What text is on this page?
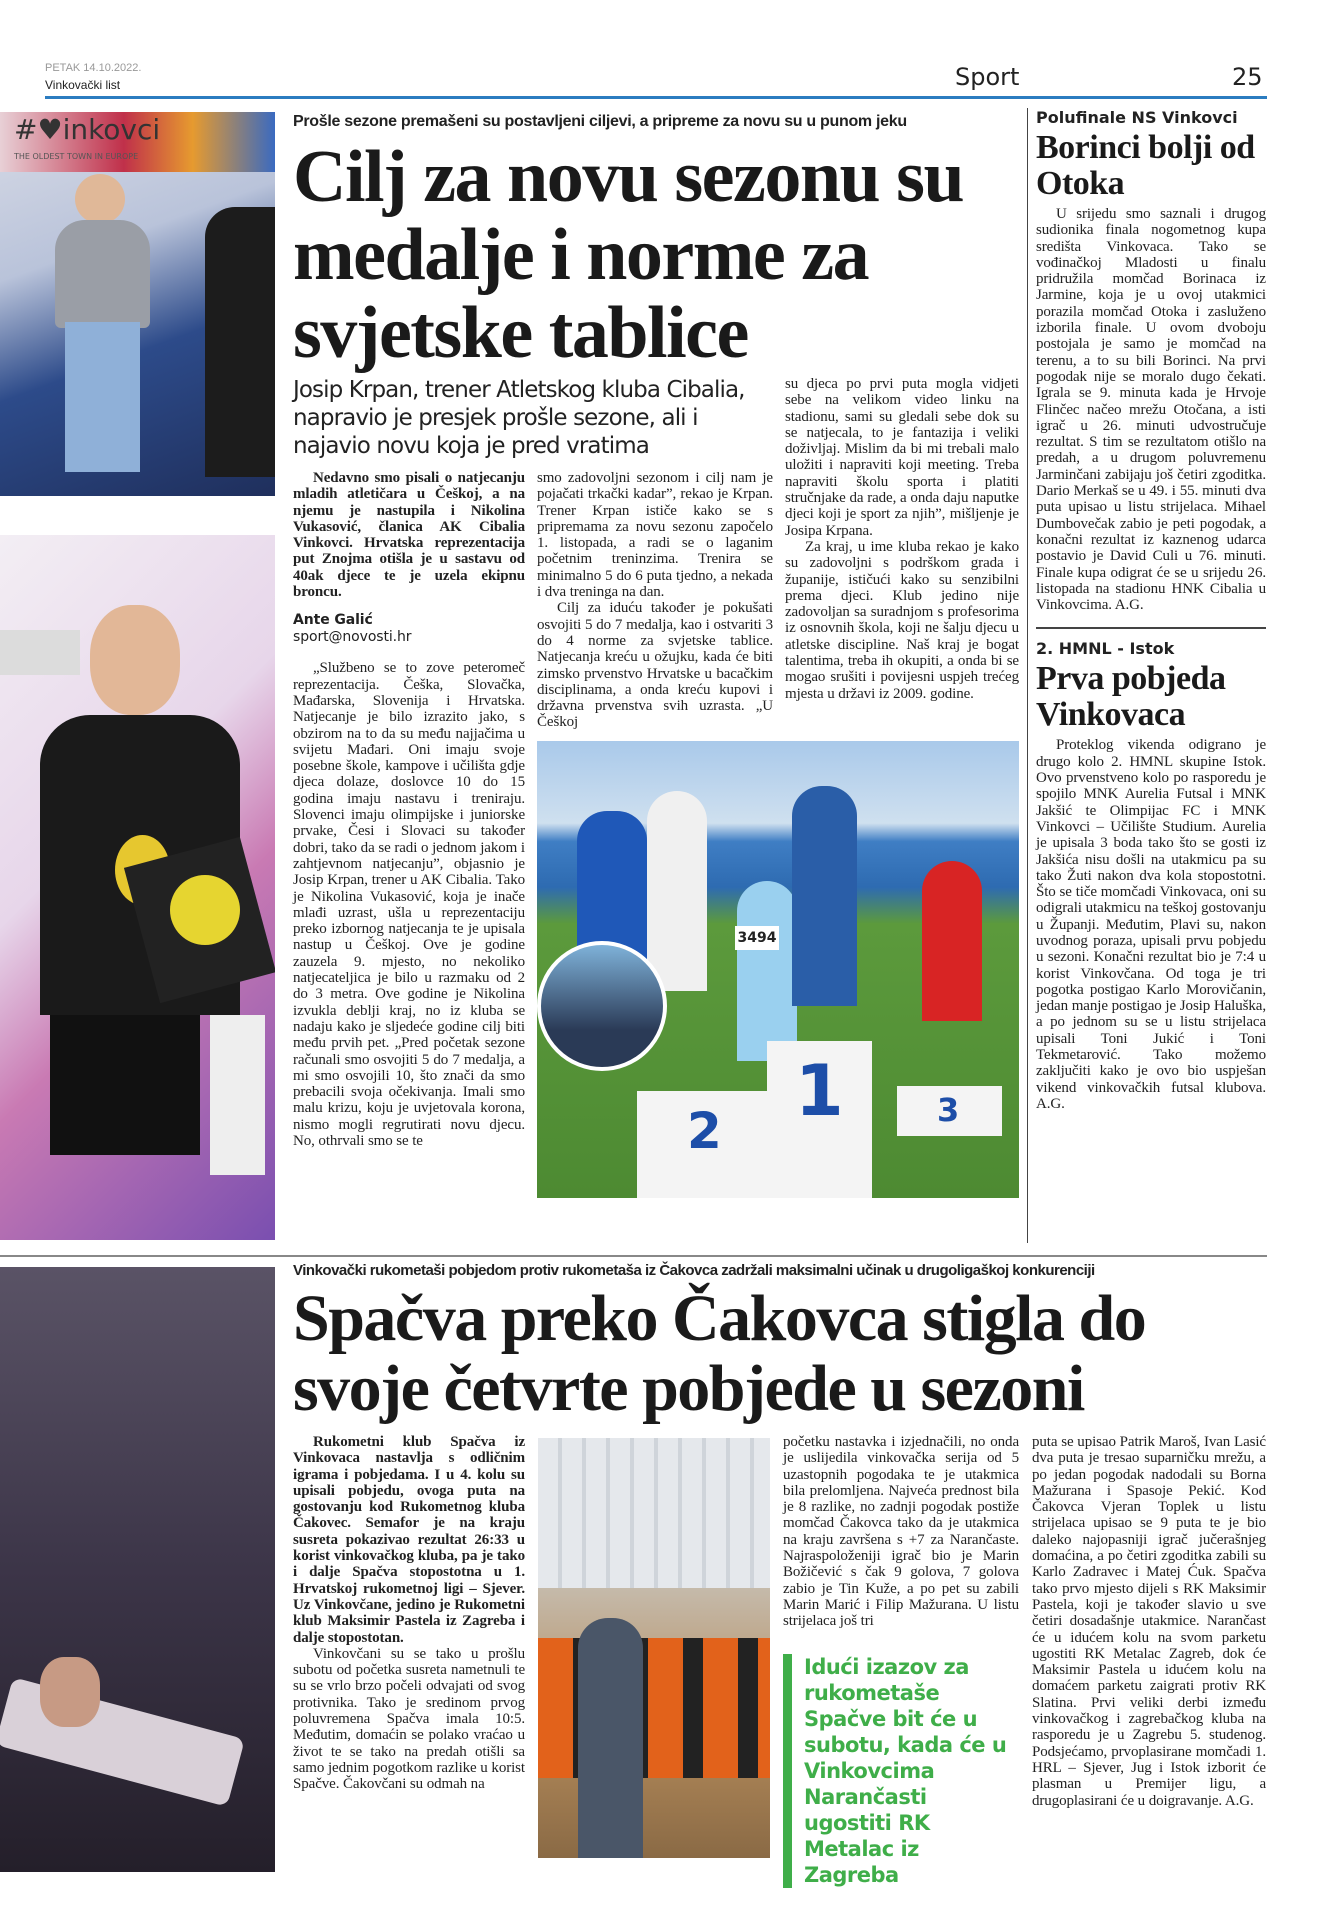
PETAK 14.10.2022.
Vinkovački list	Sport	25
#♥inkovci
THE OLDEST TOWN IN EUROPE
Prošle sezone premašeni su postavljeni ciljevi, a pripreme za novu su u punom jeku
Cilj za novu sezonu su medalje i norme za svjetske tablice
Josip Krpan, trener Atletskog kluba Cibalia, napravio je presjek prošle sezone, ali i najavio novu koja je pred vratima

Nedavno smo pisali o natjecanju mladih atletičara u Češkoj, a na njemu je nastupila i Nikolina Vukasović, članica AK Cibalia Vinkovci. Hrvatska reprezentacija put Znojma otišla je u sastavu od 40ak djece te je uzela ekipnu broncu.

Ante Galić
sport@novosti.hr

„Službeno se to zove peteromeč reprezentacija. Češka, Slovačka, Mađarska, Slovenija i Hrvatska. Natjecanje je bilo izrazito jako, s obzirom na to da su među najjačima u svijetu Mađari. Oni imaju svoje posebne škole, kampove i učilišta gdje djeca dolaze, doslovce 10 do 15 godina imaju nastavu i treniraju. Slovenci imaju olimpijske i juniorske prvake, Česi i Slovaci su također dobri, tako da se radi o jednom jakom i zahtjevnom natjecanju”, objasnio je Josip Krpan, trener u AK Cibalia. Tako je Nikolina Vukasović, koja je inače mlađi uzrast, ušla u reprezentaciju preko izbornog natjecanja te je upisala nastup u Češkoj. Ove je godine zauzela 9. mjesto, no nekoliko natjecateljica je bilo u razmaku od 2 do 3 metra. Ove godine je Nikolina izvukla deblji kraj, no iz kluba se nadaju kako je sljedeće godine cilj biti među prvih pet. „Pred početak sezone računali smo osvojiti 5 do 7 medalja, a mi smo osvojili 10, što znači da smo prebacili svoja očekivanja. Imali smo malu krizu, koju je uvjetovala korona, nismo mogli regrutirati novu djecu. No, othrvali smo se te

smo zadovoljni sezonom i cilj nam je pojačati trkački kadar”, rekao je Krpan. Trener Krpan ističe kako se s pripremama za novu sezonu započelo 1. listopada, a radi se o laganim početnim treninzima. Trenira se minimalno 5 do 6 puta tjedno, a nekada i dva treninga na dan.

Cilj za iduću također je pokušati osvojiti 5 do 7 medalja, kao i ostvariti 3 do 4 norme za svjetske tablice. Natjecanja kreću u ožujku, kada će biti zimsko prvenstvo Hrvatske u bacačkim disciplinama, a onda kreću kupovi i državna prvenstva svih uzrasta. „U Češkoj

su djeca po prvi puta mogla vidjeti sebe na velikom video linku na stadionu, sami su gledali sebe dok su se natjecala, to je fantazija i veliki doživljaj. Mislim da bi mi trebali malo uložiti i napraviti koji meeting. Treba napraviti školu sporta i platiti stručnjake da rade, a onda daju naputke djeci koji je sport za njih”, mišljenje je Josipa Krpana.

Za kraj, u ime kluba rekao je kako su zadovoljni s podrškom grada i županije, ističući kako su senzibilni prema djeci. Klub jedino nije zadovoljan sa suradnjom s profesorima iz osnovnih škola, koji ne šalju djecu u atletske discipline. Naš kraj je bogat talentima, treba ih okupiti, a onda bi se mogao srušiti i povijesni uspjeh trećeg mjesta u državi iz 2009. godine.

3494
1
2	3
Polufinale NS Vinkovci
Borinci bolji od Otoka

U srijedu smo saznali i drugog sudionika finala nogometnog kupa središta Vinkovaca. Tako se vođinačkoj Mladosti u finalu pridružila momčad Borinaca iz Jarmine, koja je u ovoj utakmici porazila momčad Otoka i zasluženo izborila finale. U ovom dvoboju postojala je samo je momčad na terenu, a to su bili Borinci. Na prvi pogodak nije se moralo dugo čekati. Igrala se 9. minuta kada je Hrvoje Flinčec načeo mrežu Otočana, a isti igrač u 26. minuti udvostručuje rezultat. S tim se rezultatom otišlo na predah, a u drugom poluvremenu Jarminčani zabijaju još četiri zgoditka. Dario Merkaš se u 49. i 55. minuti dva puta upisao u listu strijelaca. Mihael Dumbovečak zabio je peti pogodak, a konačni rezultat iz kaznenog udarca postavio je David Culi u 76. minuti. Finale kupa odigrat će se u srijedu 26. listopada na stadionu HNK Cibalia u Vinkovcima. A.G.

2. HMNL - Istok
Prva pobjeda Vinkovaca

Proteklog vikenda odigrano je drugo kolo 2. HMNL skupine Istok. Ovo prvenstveno kolo po rasporedu je spojilo MNK Aurelia Futsal i MNK Jakšić te Olimpijac FC i MNK Vinkovci – Učilište Studium. Aurelia je upisala 3 boda tako što se gosti iz Jakšića nisu došli na utakmicu pa su tako Žuti nakon dva kola stopostotni. Što se tiče momčadi Vinkovaca, oni su odigrali utakmicu na teškoj gostovanju u Županji. Međutim, Plavi su, nakon uvodnog poraza, upisali prvu pobjedu u sezoni. Konačni rezultat bio je 7:4 u korist Vinkovčana. Od toga je tri pogotka postigao Karlo Morovičanin, jedan manje postigao je Josip Haluška, a po jednom su se u listu strijelaca upisali Toni Jukić i Toni Tekmetarović. Tako možemo zaključiti kako je ovo bio uspješan vikend vinkovačkih futsal klubova. A.G.

Vinkovački rukometaši pobjedom protiv rukometaša iz Čakovca zadržali maksimalni učinak u drugoligaškoj konkurenciji
Spačva preko Čakovca stigla do svoje četvrte pobjede u sezoni

Rukometni klub Spačva iz Vinkovaca nastavlja s odličnim igrama i pobjedama. I u 4. kolu su upisali pobjedu, ovoga puta na gostovanju kod Rukometnog kluba Čakovec. Semafor je na kraju susreta pokazivao rezultat 26:33 u korist vinkovačkog kluba, pa je tako i dalje Spačva stopostotna u 1. Hrvatskoj rukometnoj ligi – Sjever. Uz Vinkovčane, jedino je Rukometni klub Maksimir Pastela iz Zagreba i dalje stopostotan.

Vinkovčani su se tako u prošlu subotu od početka susreta nametnuli te su se vrlo brzo počeli odvajati od svog protivnika. Tako je sredinom prvog poluvremena Spačva imala 10:5. Međutim, domaćin se polako vraćao u život te se tako na predah otišli sa samo jednim pogotkom razlike u korist Spačve. Čakovčani su odmah na

početku nastavka i izjednačili, no onda je uslijedila vinkovačka serija od 5 uzastopnih pogodaka te je utakmica bila prelomljena. Najveća prednost bila je 8 razlike, no zadnji pogodak postiže momčad Čakovca tako da je utakmica na kraju završena s +7 za Narančaste. Najraspoloženiji igrač bio je Marin Božičević s čak 9 golova, 7 golova zabio je Tin Kuže, a po pet su zabili Marin Marić i Filip Mažurana. U listu strijelaca još tri

Idući izazov za rukometaše Spačve bit će u subotu, kada će u Vinkovcima Narančasti ugostiti RK Metalac iz Zagreba

puta se upisao Patrik Maroš, Ivan Lasić dva puta je tresao suparničku mrežu, a po jedan pogodak nadodali su Borna Mažurana i Spasoje Pekić. Kod Čakovca Vjeran Toplek u listu strijelaca upisao se 9 puta te je bio daleko najopasniji igrač jučerašnjeg domaćina, a po četiri zgoditka zabili su Karlo Zadravec i Matej Ćuk. Spačva tako prvo mjesto dijeli s RK Maksimir Pastela, koji je također slavio u sve četiri dosadašnje utakmice. Narančast će u idućem kolu na svom parketu ugostiti RK Metalac Zagreb, dok će Maksimir Pastela u idućem kolu na domaćem parketu zaigrati protiv RK Slatina. Prvi veliki derbi između vinkovačkog i zagrebačkog kluba na rasporedu je u Zagrebu 5. studenog. Podsjećamo, prvoplasirane momčadi 1. HRL – Sjever, Jug i Istok izborit će plasman u Premijer ligu, a drugoplasirani će u doigravanje. A.G.
